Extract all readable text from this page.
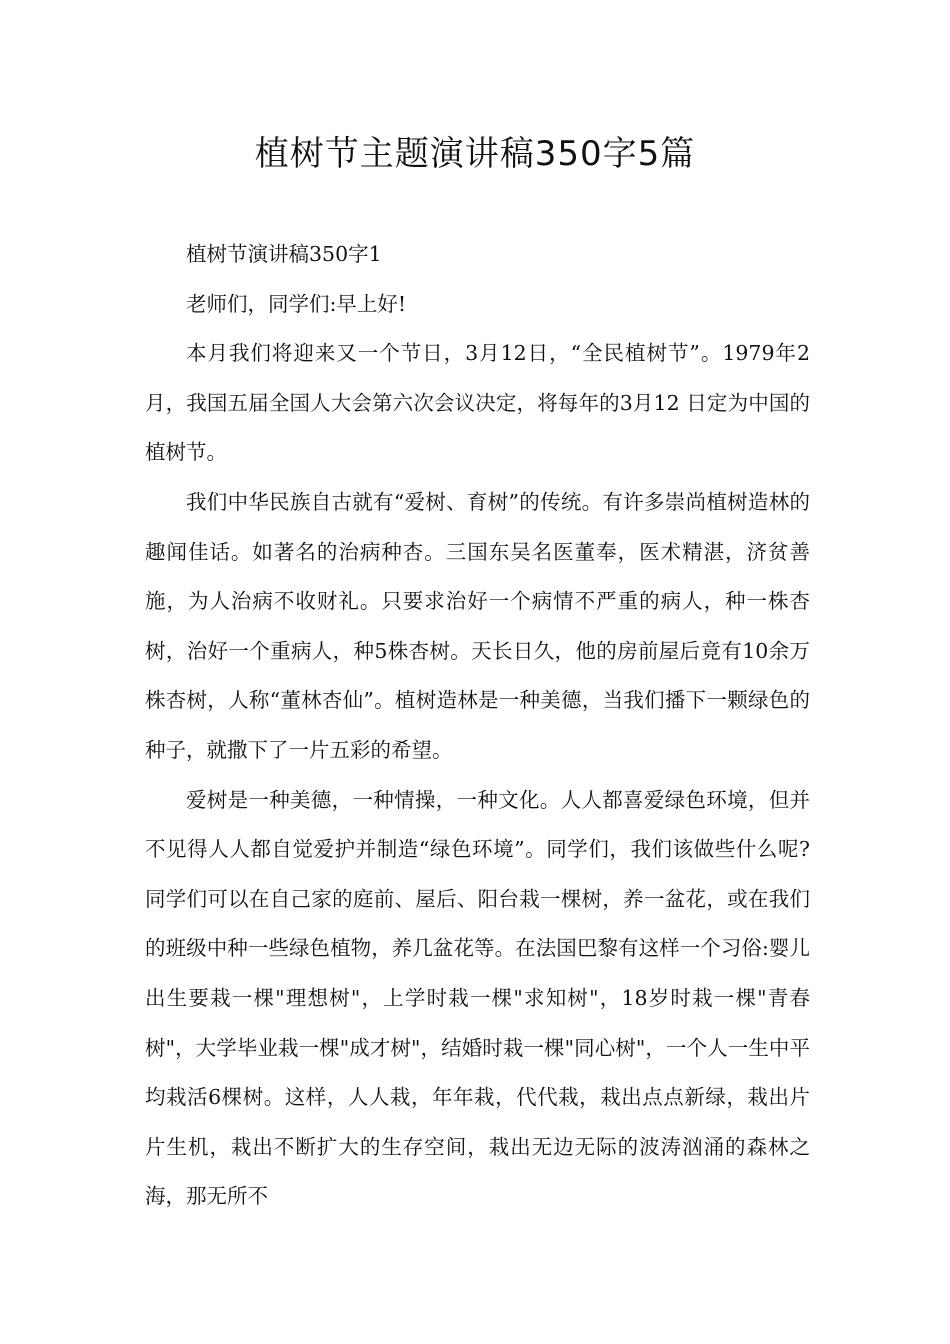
植树节主题演讲稿350字5篇

植树节演讲稿350字1

老师们，同学们:早上好!

本月我们将迎来又一个节日，3月12日，“全民植树节”。1979年2月，我国五届全国人大会第六次会议决定，将每年的3月12 日定为中国的植树节。

我们中华民族自古就有“爱树、育树”的传统。有许多崇尚植树造林的趣闻佳话。如著名的治病种杏。三国东吴名医董奉，医术精湛，济贫善施，为人治病不收财礼。只要求治好一个病情不严重的病人，种一株杏树，治好一个重病人，种5株杏树。天长日久，他的房前屋后竟有10余万株杏树，人称“董林杏仙”。植树造林是一种美德，当我们播下一颗绿色的种子，就撒下了一片五彩的希望。

爱树是一种美德，一种情操，一种文化。人人都喜爱绿色环境，但并不见得人人都自觉爱护并制造“绿色环境”。同学们，我们该做些什么呢?同学们可以在自己家的庭前、屋后、阳台栽一棵树，养一盆花，或在我们的班级中种一些绿色植物，养几盆花等。在法国巴黎有这样一个习俗:婴儿出生要栽一棵"理想树"，上学时栽一棵"求知树"，18岁时栽一棵"青春树"，大学毕业栽一棵"成才树"，结婚时栽一棵"同心树"，一个人一生中平均栽活6棵树。这样，人人栽，年年栽，代代栽，栽出点点新绿，栽出片片生机，栽出不断扩大的生存空间，栽出无边无际的波涛汹涌的森林之海，那无所不
